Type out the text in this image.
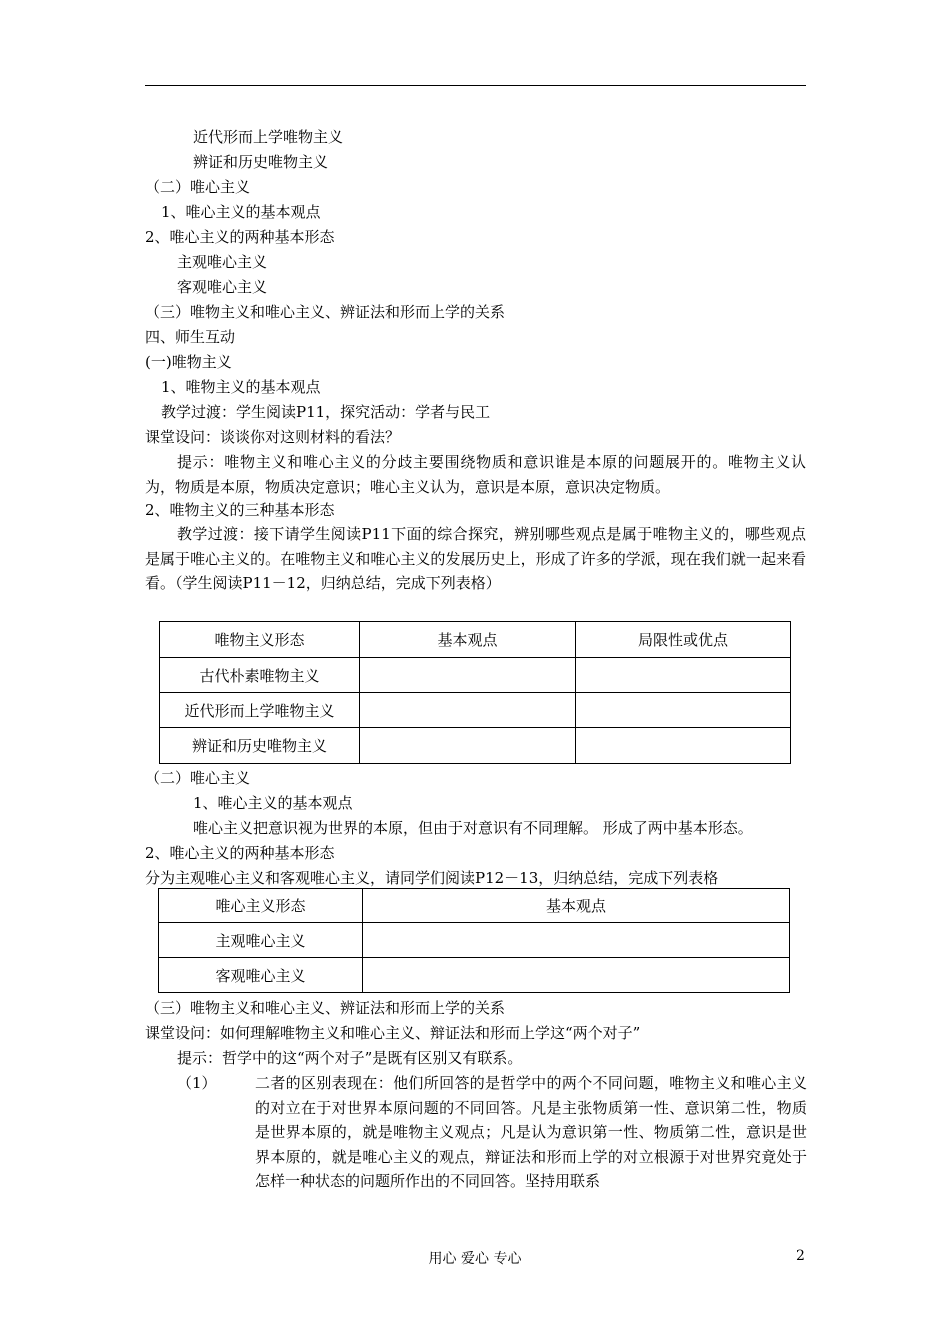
近代形而上学唯物主义
辨证和历史唯物主义
（二）唯心主义
1、唯心主义的基本观点
2、唯心主义的两种基本形态
主观唯心主义
客观唯心主义
（三）唯物主义和唯心主义、辨证法和形而上学的关系
四、师生互动
(一)唯物主义
1、唯物主义的基本观点
教学过渡：学生阅读P11，探究活动：学者与民工
课堂设问：谈谈你对这则材料的看法？
提示：唯物主义和唯心主义的分歧主要围绕物质和意识谁是本原的问题展开的。唯物主义认为，物质是本原，物质决定意识；唯心主义认为，意识是本原，意识决定物质。
2、唯物主义的三种基本形态
教学过渡：接下请学生阅读P11下面的综合探究，辨别哪些观点是属于唯物主义的，哪些观点是属于唯心主义的。在唯物主义和唯心主义的发展历史上，形成了许多的学派，现在我们就一起来看看。（学生阅读P11－12，归纳总结，完成下列表格）
唯物主义形态	基本观点	局限性或优点
古代朴素唯物主义		
近代形而上学唯物主义		
辨证和历史唯物主义		
（二）唯心主义
1、唯心主义的基本观点
唯心主义把意识视为世界的本原，但由于对意识有不同理解。 形成了两中基本形态。
2、唯心主义的两种基本形态
分为主观唯心主义和客观唯心主义，请同学们阅读P12－13，归纳总结，完成下列表格
唯心主义形态	基本观点
主观唯心主义	
客观唯心主义	
（三）唯物主义和唯心主义、辨证法和形而上学的关系
课堂设问：如何理解唯物主义和唯心主义、辩证法和形而上学这“两个对子”
提示：哲学中的这“两个对子”是既有区别又有联系。
（1）	二者的区别表现在：他们所回答的是哲学中的两个不同问题，唯物主义和唯心主义的对立在于对世界本原问题的不同回答。凡是主张物质第一性、意识第二性，物质是世界本原的，就是唯物主义观点；凡是认为意识第一性、物质第二性，意识是世界本原的，就是唯心主义的观点，辩证法和形而上学的对立根源于对世界究竟处于怎样一种状态的问题所作出的不同回答。坚持用联系
用心 爱心 专心	2
